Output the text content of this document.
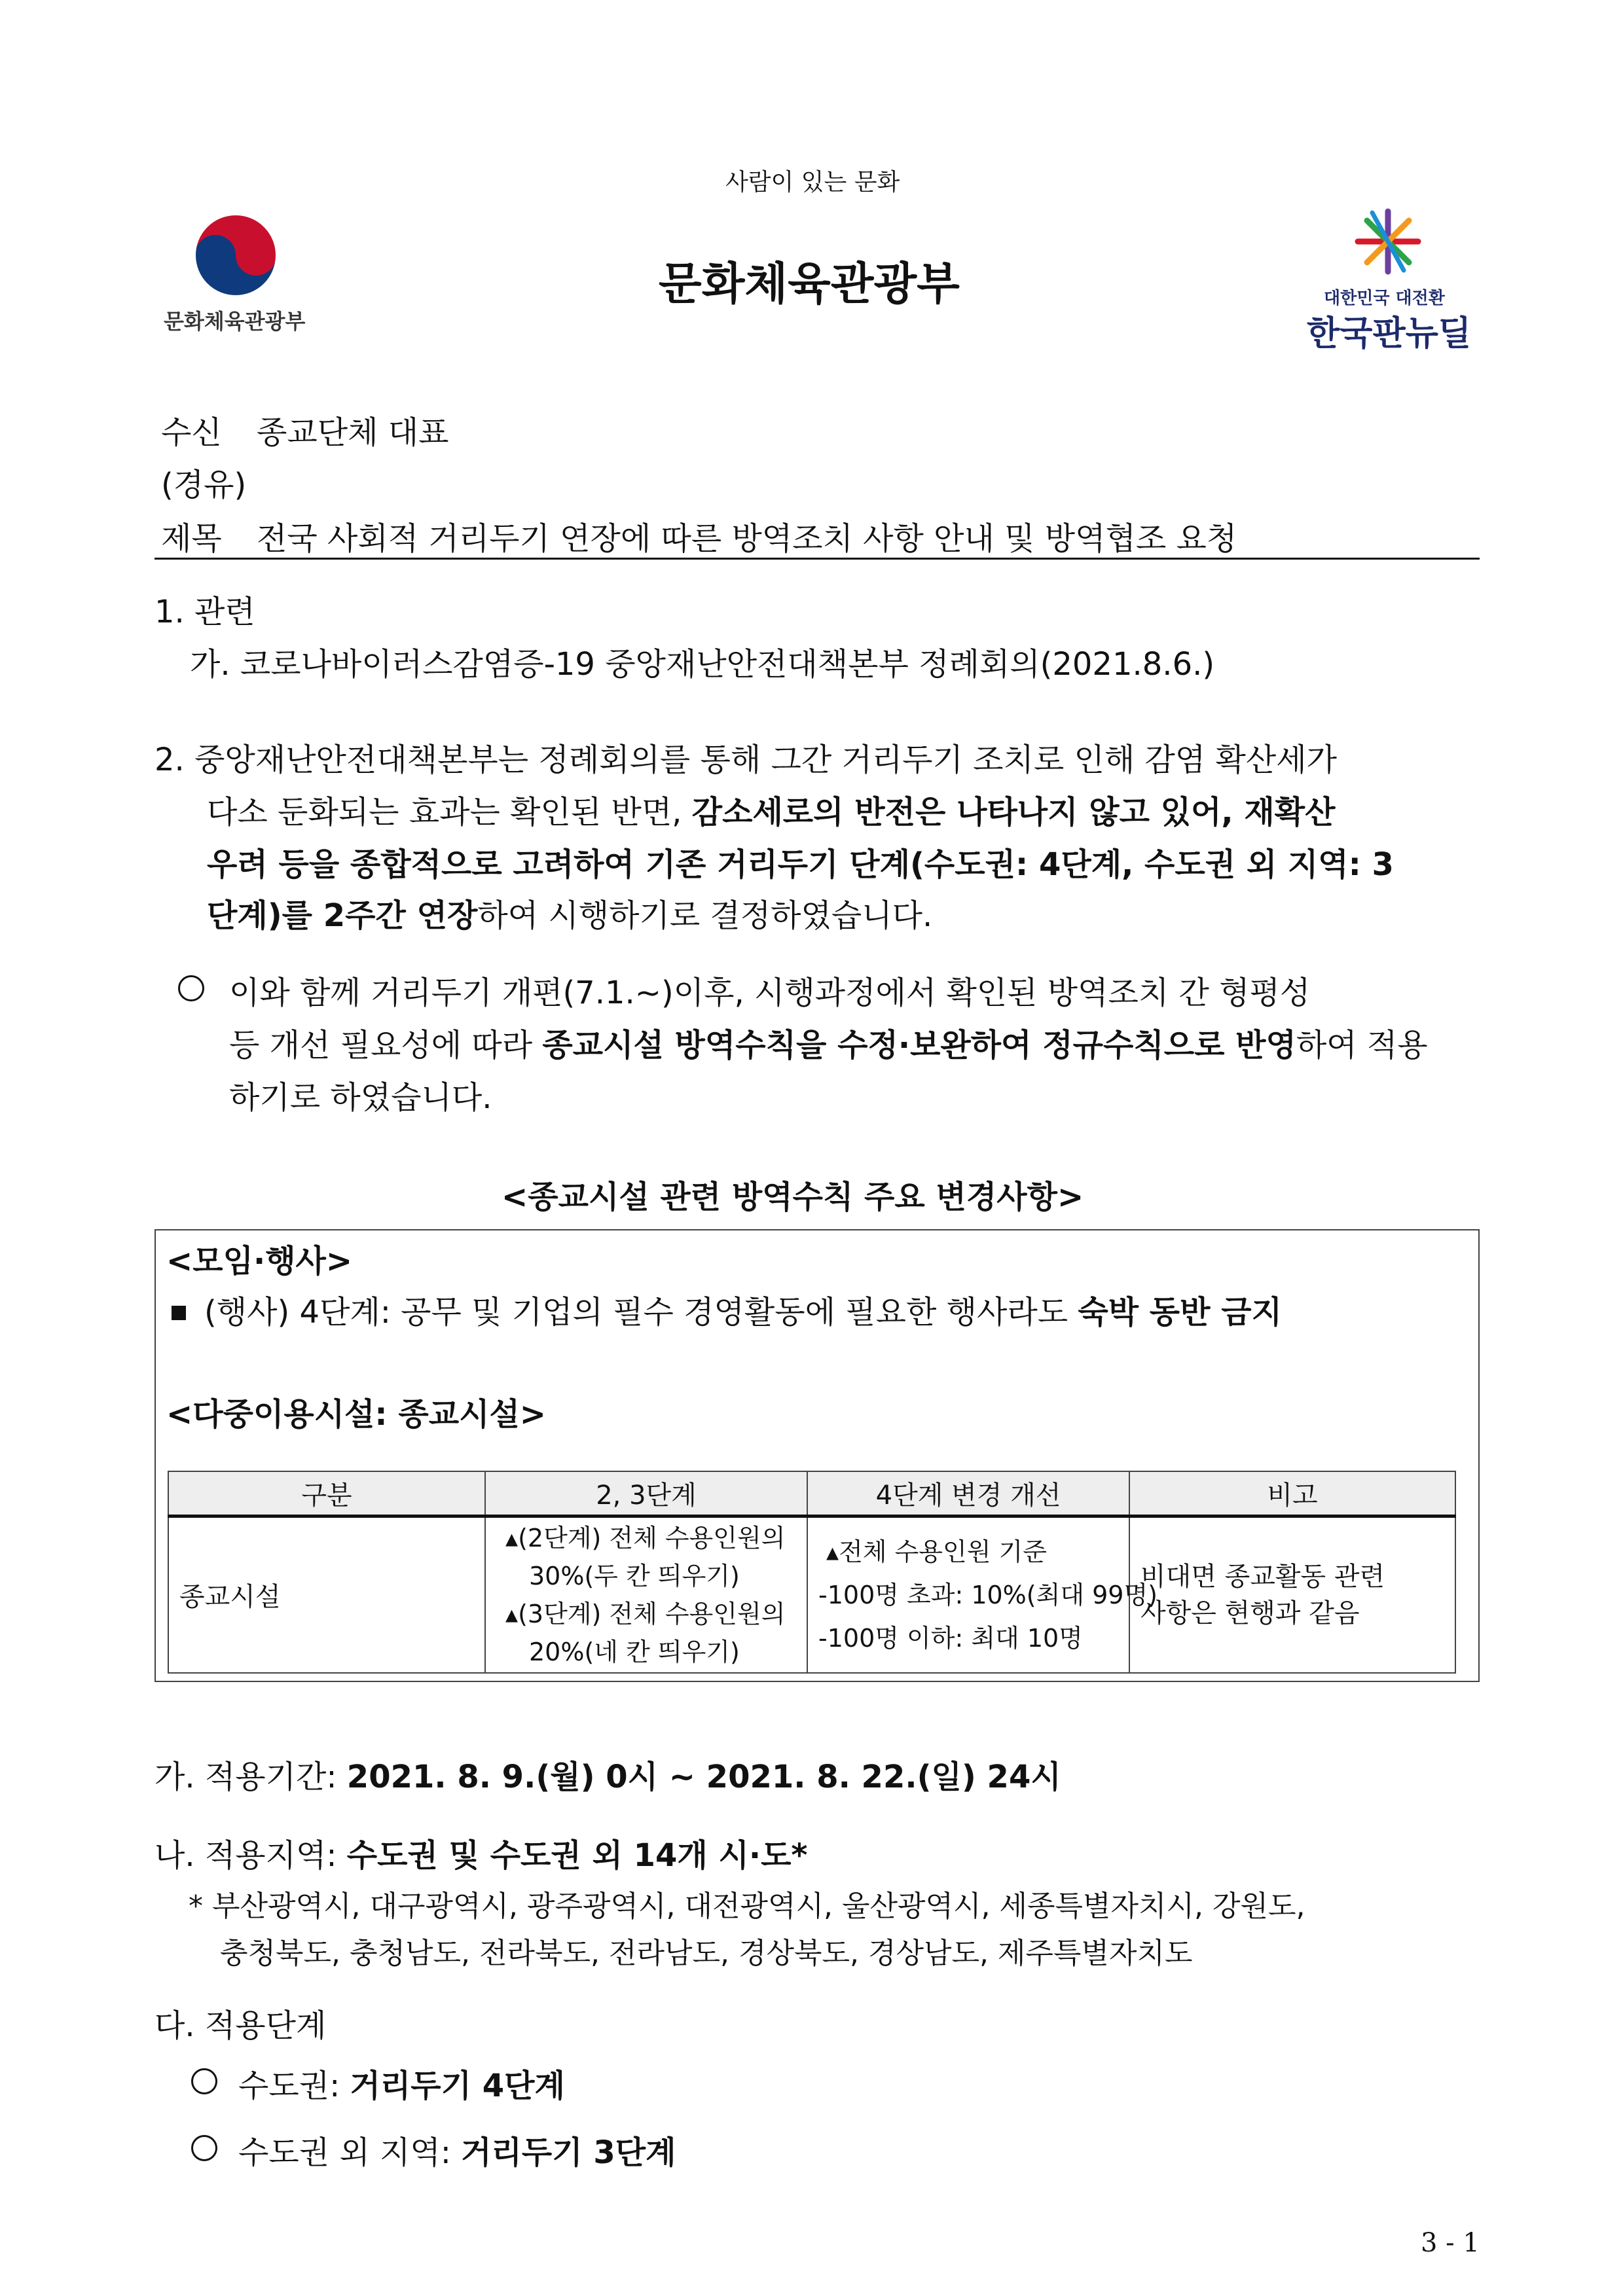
사람이 있는 문화
문화체육관광부
문화체육관광부	대한민국 대전환
한국판뉴딜
수신 종교단체 대표
(경유)
제목 전국 사회적 거리두기 연장에 따른 방역조치 사항 안내 및 방역협조 요청
1. 관련
가. 코로나바이러스감염증-19 중앙재난안전대책본부 정례회의(2021.8.6.)
2. 중앙재난안전대책본부는 정례회의를 통해 그간 거리두기 조치로 인해 감염 확산세가
다소 둔화되는 효과는 확인된 반면, 감소세로의 반전은 나타나지 않고 있어, 재확산
우려 등을 종합적으로 고려하여 기존 거리두기 단계(수도권: 4단계, 수도권 외 지역: 3
단계)를 2주간 연장하여 시행하기로 결정하였습니다.
이와 함께 거리두기 개편(7.1.~)이후, 시행과정에서 확인된 방역조치 간 형평성
등 개선 필요성에 따라 종교시설 방역수칙을 수정·보완하여 정규수칙으로 반영하여 적용
하기로 하였습니다.
<종교시설 관련 방역수칙 주요 변경사항>
<모임·행사>
(행사) 4단계: 공무 및 기업의 필수 경영활동에 필요한 행사라도 숙박 동반 금지
<다중이용시설: 종교시설>
구분	2, 3단계	4단계 변경 개선	비고
종교시설	▴(2단계) 전체 수용인원의
30%(두 칸 띄우기)
▴(3단계) 전체 수용인원의
20%(네 칸 띄우기)	▴전체 수용인원 기준
-100명 초과: 10%(최대 99명)
-100명 이하: 최대 10명	비대면 종교활동 관련
사항은 현행과 같음
가. 적용기간: 2021. 8. 9.(월) 0시 ~ 2021. 8. 22.(일) 24시
나. 적용지역: 수도권 및 수도권 외 14개 시·도*
* 부산광역시, 대구광역시, 광주광역시, 대전광역시, 울산광역시, 세종특별자치시, 강원도,
충청북도, 충청남도, 전라북도, 전라남도, 경상북도, 경상남도, 제주특별자치도
다. 적용단계
수도권: 거리두기 4단계
수도권 외 지역: 거리두기 3단계
3 - 1
